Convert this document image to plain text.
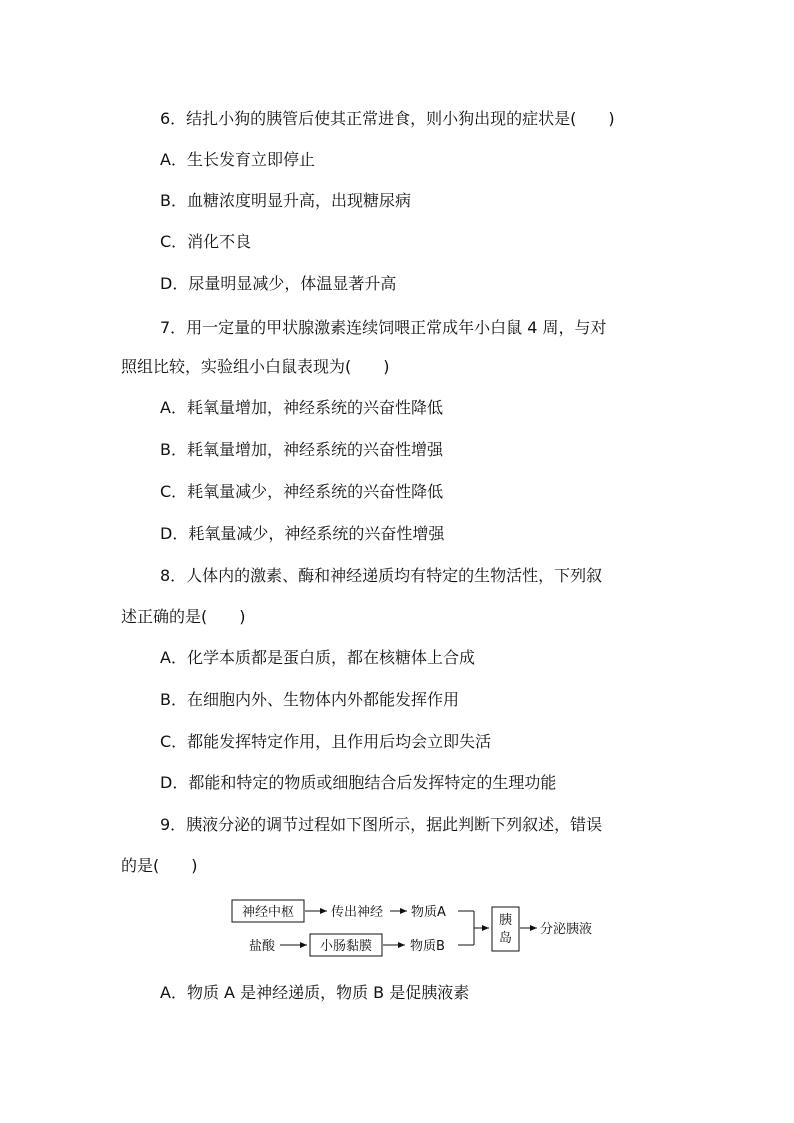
6．结扎小狗的胰管后使其正常进食，则小狗出现的症状是(　　)
A．生长发育立即停止
B．血糖浓度明显升高，出现糖尿病
C．消化不良
D．尿量明显减少，体温显著升高
7．用一定量的甲状腺激素连续饲喂正常成年小白鼠 4 周，与对
照组比较，实验组小白鼠表现为(　　)
A．耗氧量增加，神经系统的兴奋性降低
B．耗氧量增加，神经系统的兴奋性增强
C．耗氧量减少，神经系统的兴奋性降低
D．耗氧量减少，神经系统的兴奋性增强
8．人体内的激素、酶和神经递质均有特定的生物活性，下列叙
述正确的是(　　)
A．化学本质都是蛋白质，都在核糖体上合成
B．在细胞内外、生物体内外都能发挥作用
C．都能发挥特定作用，且作用后均会立即失活
D．都能和特定的物质或细胞结合后发挥特定的生理功能
9．胰液分泌的调节过程如下图所示，据此判断下列叙述，错误
的是(　　)
神经中枢	传出神经 物质A
盐酸	小肠黏膜	物质B
胰
岛
分泌胰液
A．物质 A 是神经递质，物质 B 是促胰液素
